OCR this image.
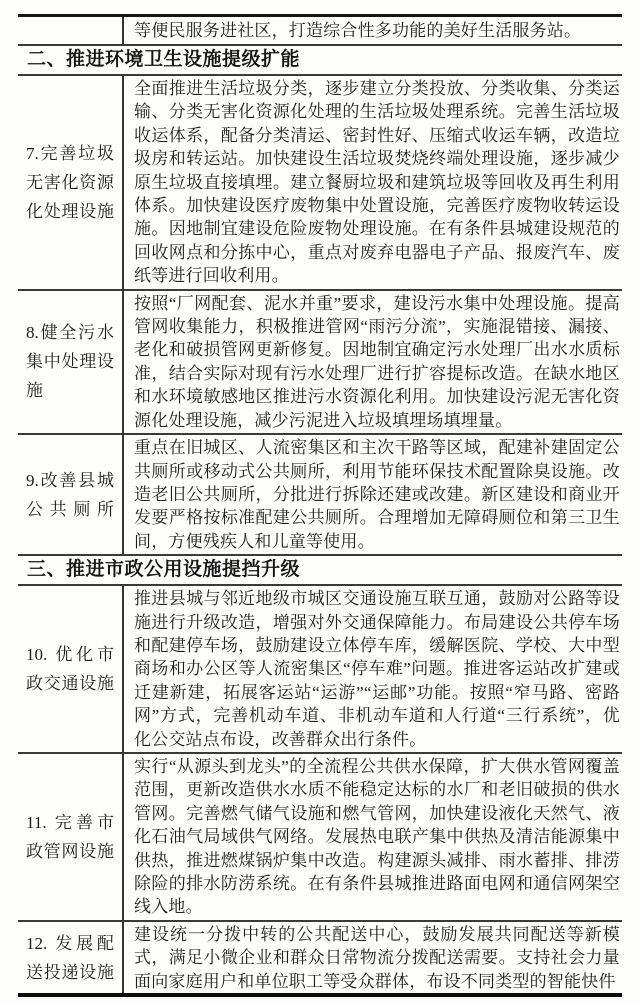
等便民服务进社区，打造综合性多功能的美好生活服务站。
二、推进环境卫生设施提级扩能
7.完善垃圾无害化资源化处理设施
全面推进生活垃圾分类，逐步建立分类投放、分类收集、分类运输、分类无害化资源化处理的生活垃圾处理系统。完善生活垃圾收运体系，配备分类清运、密封性好、压缩式收运车辆，改造垃圾房和转运站。加快建设生活垃圾焚烧终端处理设施，逐步减少原生垃圾直接填埋。建立餐厨垃圾和建筑垃圾等回收及再生利用体系。加快建设医疗废物集中处置设施，完善医疗废物收转运设施。因地制宜建设危险废物处理设施。在有条件县城建设规范的回收网点和分拣中心，重点对废弃电器电子产品、报废汽车、废纸等进行回收利用。
8.健全污水集中处理设施
按照“厂网配套、泥水并重”要求，建设污水集中处理设施。提高管网收集能力，积极推进管网“雨污分流”，实施混错接、漏接、老化和破损管网更新修复。因地制宜确定污水处理厂出水水质标准，结合实际对现有污水处理厂进行扩容提标改造。在缺水地区和水环境敏感地区推进污水资源化利用。加快建设污泥无害化资源化处理设施，减少污泥进入垃圾填埋场填埋量。
9.改善县城公共厕所
重点在旧城区、人流密集区和主次干路等区域，配建补建固定公共厕所或移动式公共厕所，利用节能环保技术配置除臭设施。改造老旧公共厕所，分批进行拆除还建或改建。新区建设和商业开发要严格按标准配建公共厕所。合理增加无障碍厕位和第三卫生间，方便残疾人和儿童等使用。
三、推进市政公用设施提挡升级
10. 优化市政交通设施
推进县城与邻近地级市城区交通设施互联互通，鼓励对公路等设施进行升级改造，增强对外交通保障能力。布局建设公共停车场和配建停车场，鼓励建设立体停车库，缓解医院、学校、大中型商场和办公区等人流密集区“停车难”问题。推进客运站改扩建或迁建新建，拓展客运站“运游”“运邮”功能。按照“窄马路、密路网”方式，完善机动车道、非机动车道和人行道“三行系统”，优化公交站点布设，改善群众出行条件。
11. 完善市政管网设施
实行“从源头到龙头”的全流程公共供水保障，扩大供水管网覆盖范围，更新改造供水水质不能稳定达标的水厂和老旧破损的供水管网。完善燃气储气设施和燃气管网，加快建设液化天然气、液化石油气局域供气网络。发展热电联产集中供热及清洁能源集中供热，推进燃煤锅炉集中改造。构建源头减排、雨水蓄排、排涝除险的排水防涝系统。在有条件县城推进路面电网和通信网架空线入地。
12. 发展配送投递设施
建设统一分拨中转的公共配送中心，鼓励发展共同配送等新模式，满足小微企业和群众日常物流分拨配送需要。支持社会力量面向家庭用户和单位职工等受众群体，布设不同类型的智能快件
